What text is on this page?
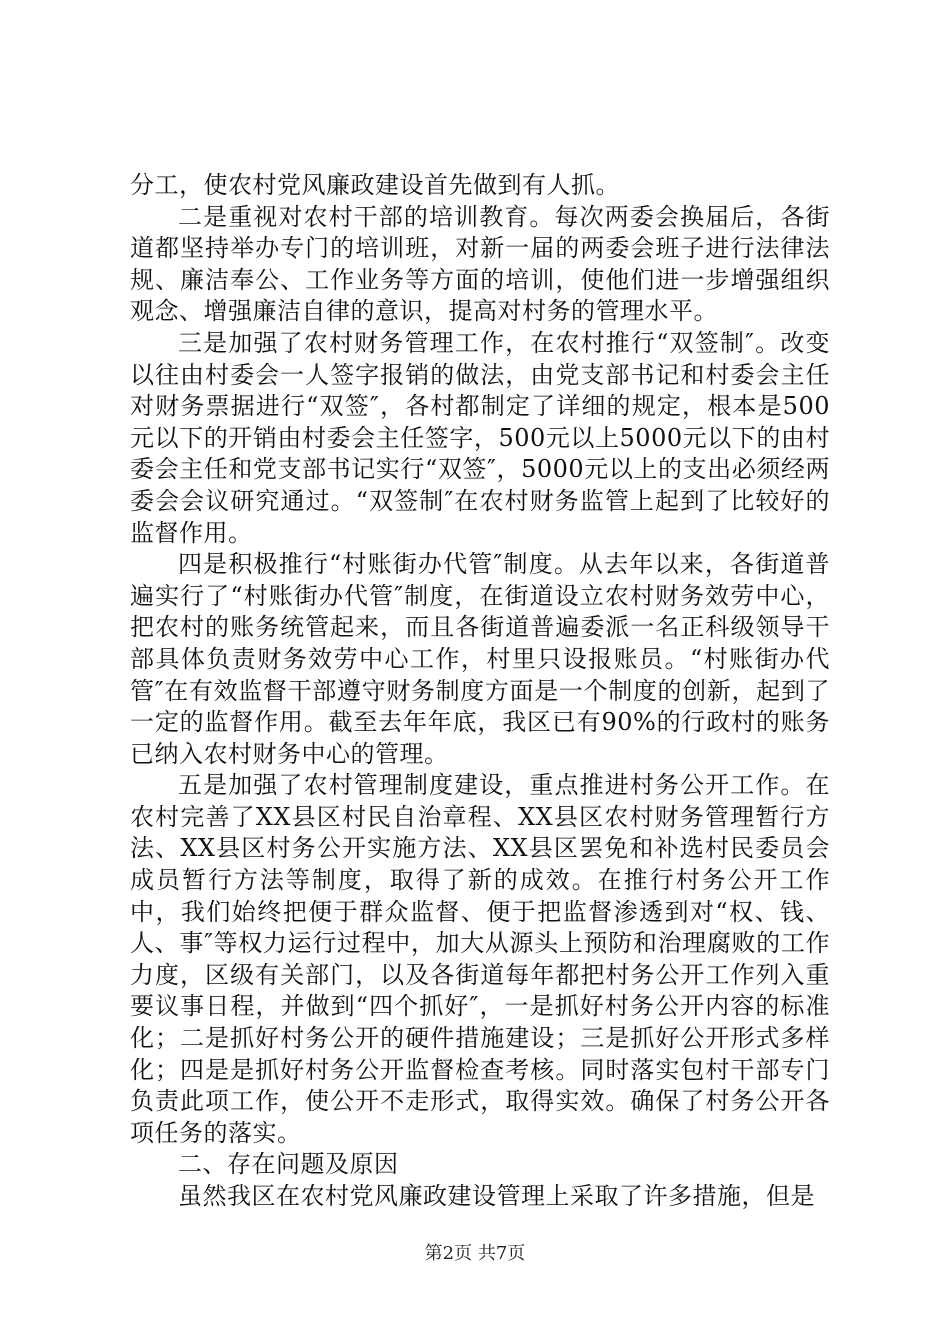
分工，使农村党风廉政建设首先做到有人抓。

二是重视对农村干部的培训教育。每次两委会换届后，各街道都坚持举办专门的培训班，对新一届的两委会班子进行法律法规、廉洁奉公、工作业务等方面的培训，使他们进一步增强组织观念、增强廉洁自律的意识，提高对村务的管理水平。

三是加强了农村财务管理工作，在农村推行“双签制″。改变以往由村委会一人签字报销的做法，由党支部书记和村委会主任对财务票据进行“双签″，各村都制定了详细的规定，根本是500元以下的开销由村委会主任签字，500元以上5000元以下的由村委会主任和党支部书记实行“双签″，5000元以上的支出必须经两委会会议研究通过。“双签制″在农村财务监管上起到了比较好的监督作用。

四是积极推行“村账街办代管″制度。从去年以来，各街道普遍实行了“村账街办代管″制度，在街道设立农村财务效劳中心，把农村的账务统管起来，而且各街道普遍委派一名正科级领导干部具体负责财务效劳中心工作，村里只设报账员。“村账街办代管″在有效监督干部遵守财务制度方面是一个制度的创新，起到了一定的监督作用。截至去年年底，我区已有90%的行政村的账务已纳入农村财务中心的管理。

五是加强了农村管理制度建设，重点推进村务公开工作。在农村完善了XX县区村民自治章程、XX县区农村财务管理暂行方法、XX县区村务公开实施方法、XX县区罢免和补选村民委员会成员暂行方法等制度，取得了新的成效。在推行村务公开工作中，我们始终把便于群众监督、便于把监督渗透到对“权、钱、人、事″等权力运行过程中，加大从源头上预防和治理腐败的工作力度，区级有关部门，以及各街道每年都把村务公开工作列入重要议事日程，并做到“四个抓好″，一是抓好村务公开内容的标准化；二是抓好村务公开的硬件措施建设；三是抓好公开形式多样化；四是是抓好村务公开监督检查考核。同时落实包村干部专门负责此项工作，使公开不走形式，取得实效。确保了村务公开各项任务的落实。

二、存在问题及原因

虽然我区在农村党风廉政建设管理上采取了许多措施，但是

第2页 共7页
